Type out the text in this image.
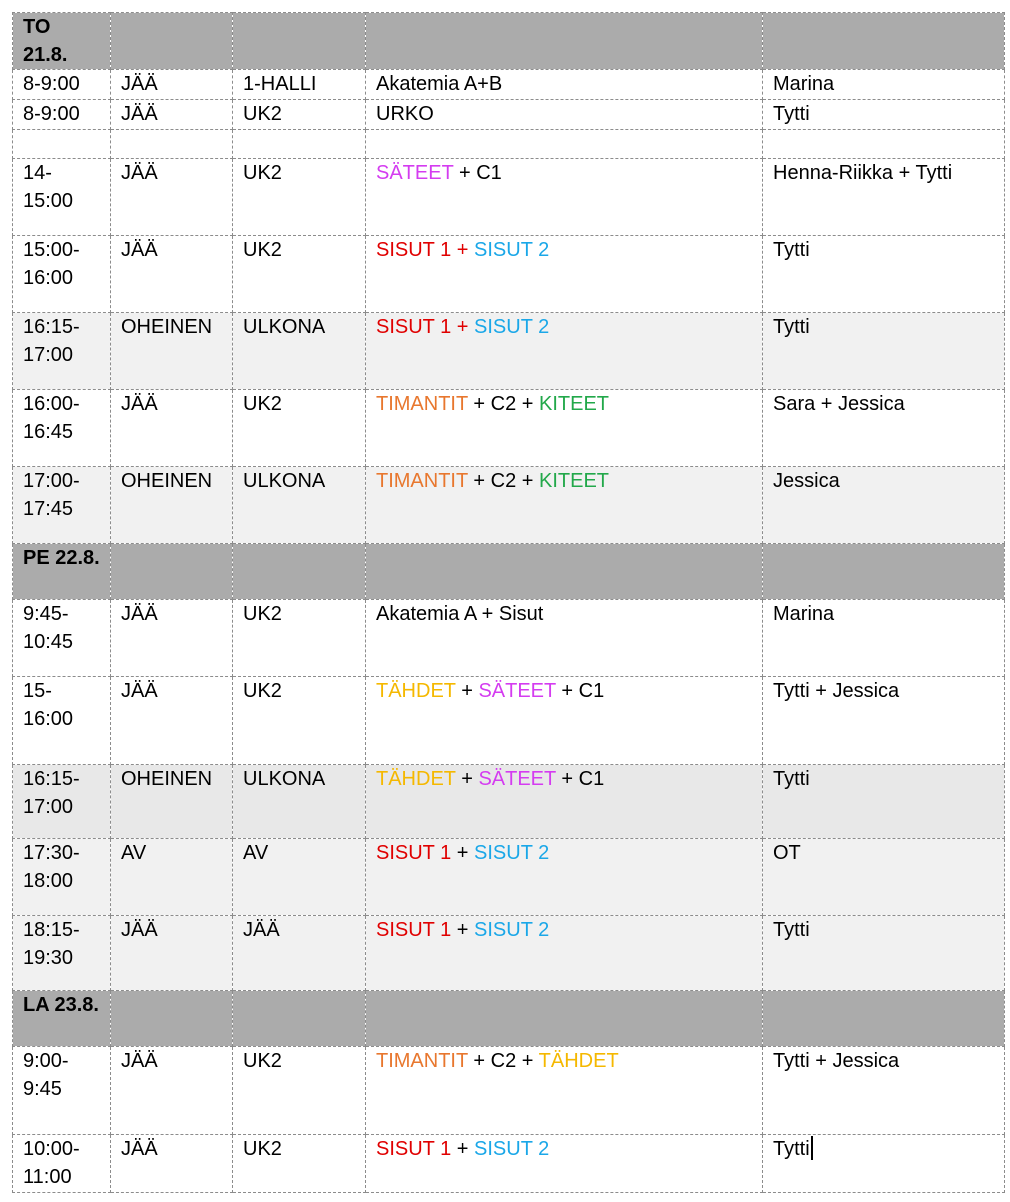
TO 21.8.				
8-9:00	JÄÄ	1-HALLI	Akatemia A+B	Marina
8-9:00	JÄÄ	UK2	URKO	Tytti

14-15:00	JÄÄ	UK2	SÄTEET + C1	Henna-Riikka + Tytti
15:00-16:00	JÄÄ	UK2	SISUT 1 + SISUT 2	Tytti
16:15-17:00	OHEINEN	ULKONA	SISUT 1 + SISUT 2	Tytti
16:00-16:45	JÄÄ	UK2	TIMANTIT + C2 + KITEET	Sara + Jessica
17:00-17:45	OHEINEN	ULKONA	TIMANTIT + C2 + KITEET	Jessica
PE 22.8.				
9:45-10:45	JÄÄ	UK2	Akatemia A + Sisut	Marina
15-16:00	JÄÄ	UK2	TÄHDET + SÄTEET + C1	Tytti + Jessica
16:15-17:00	OHEINEN	ULKONA	TÄHDET + SÄTEET + C1	Tytti
17:30-18:00	AV	AV	SISUT 1 + SISUT 2	OT
18:15-19:30	JÄÄ	JÄÄ	SISUT 1 + SISUT 2	Tytti
LA 23.8.				
9:00-9:45	JÄÄ	UK2	TIMANTIT + C2 + TÄHDET	Tytti + Jessica
10:00-11:00	JÄÄ	UK2	SISUT 1 + SISUT 2	Tytti
